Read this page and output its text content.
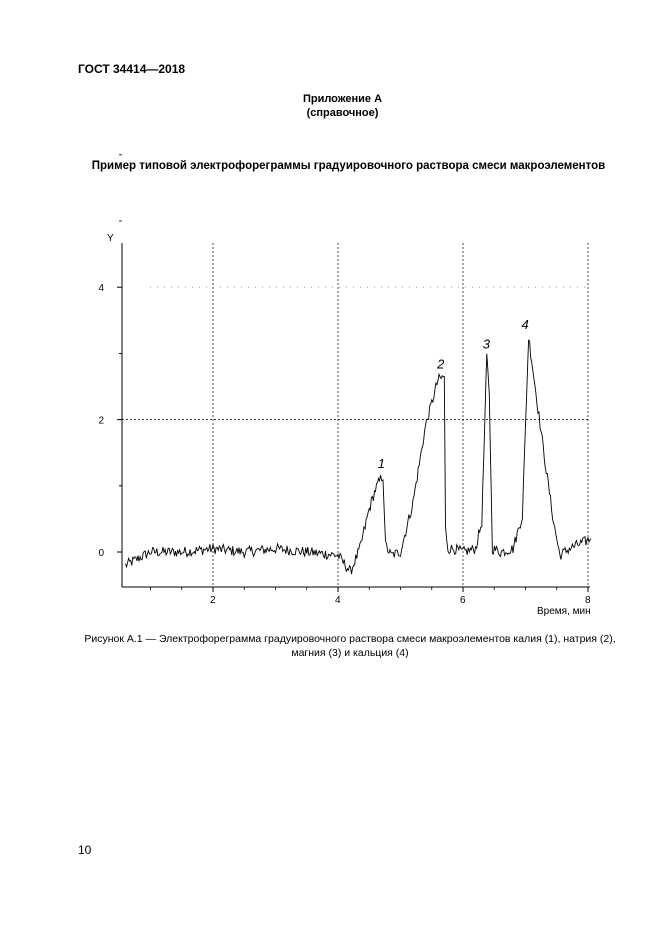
ГОСТ 34414—2018
Приложение А
(справочное)
Пример типовой электрофореграммы градуировочного раствора смеси макроэлементов
Y
Время, мин
2	4	6	8
0
2
4
1
2
3
4
Рисунок А.1 — Электрофореграмма градуировочного раствора смеси макроэлементов калия (1), натрия (2),
магния (3) и кальция (4)
10
